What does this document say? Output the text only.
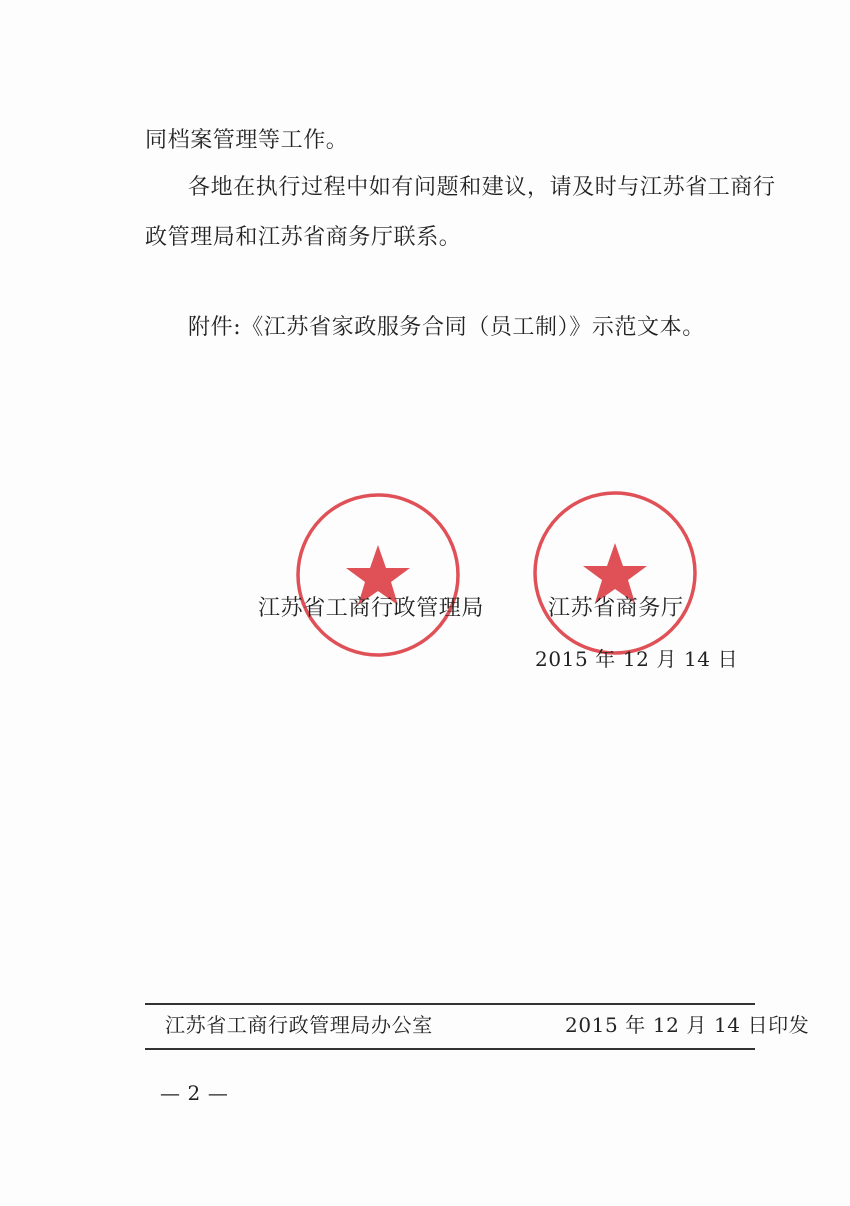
同档案管理等工作。
各地在执行过程中如有问题和建议，请及时与江苏省工商行
政管理局和江苏省商务厅联系。
附件:《江苏省家政服务合同（员工制）》示范文本。
江苏省工商行政管理局	江苏省商务厅
2015 年 12 月 14 日
江苏省工商行政管理局办公室	2015 年 12 月 14 日印发
— 2 —
